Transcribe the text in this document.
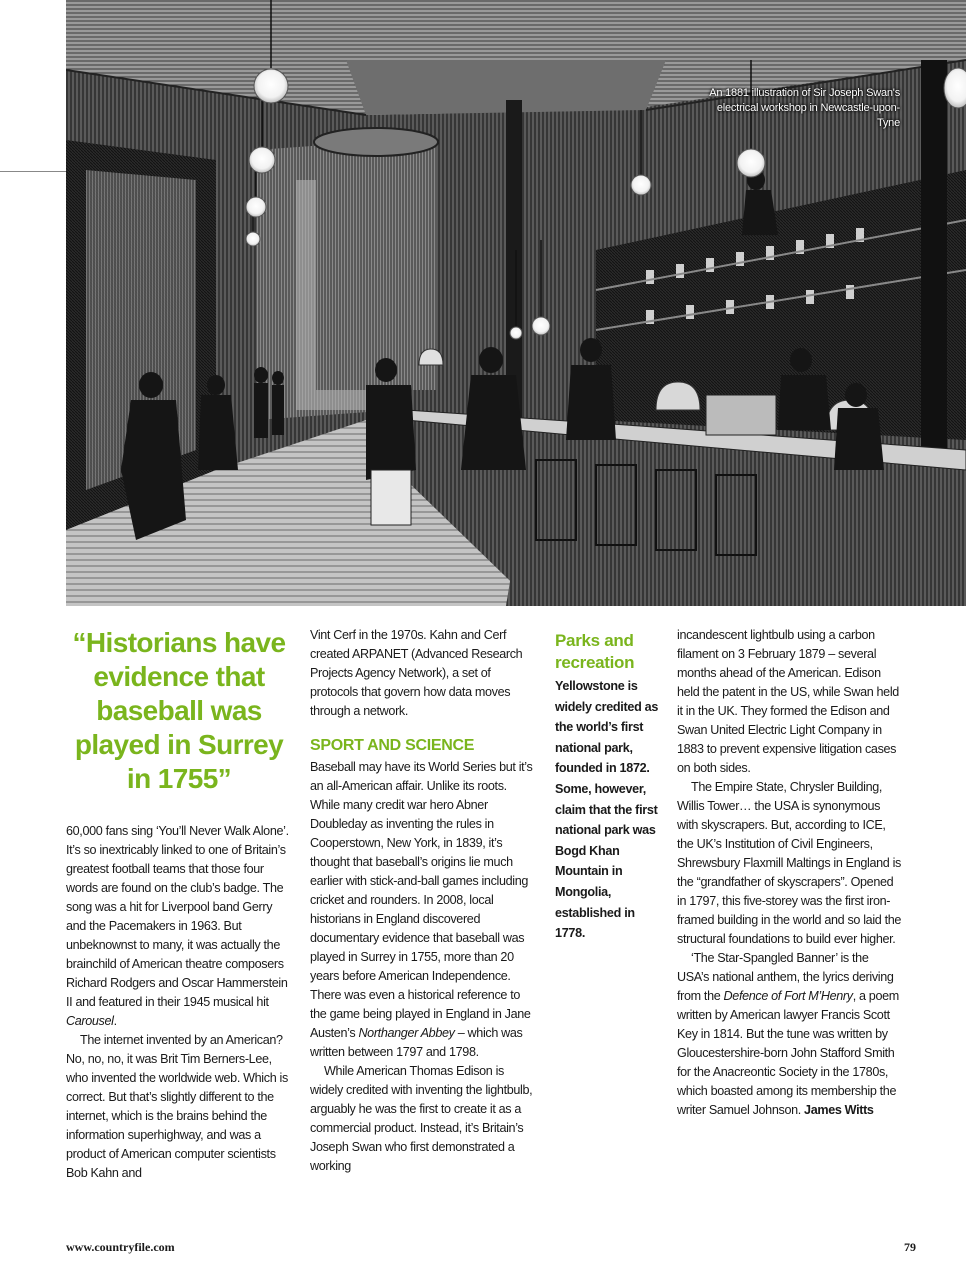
An 1881 illustration of Sir Joseph Swan's electrical workshop in Newcastle-upon-Tyne
“Historians have evidence that baseball was played in Surrey in 1755”

60,000 fans sing ‘You’ll Never Walk Alone’. It’s so inextricably linked to one of Britain’s greatest football teams that those four words are found on the club’s badge. The song was a hit for Liverpool band Gerry and the Pacemakers in 1963. But unbeknownst to many, it was actually the brainchild of American theatre composers Richard Rodgers and Oscar Hammerstein II and featured in their 1945 musical hit Carousel.

The internet invented by an American? No, no, no, it was Brit Tim Berners-Lee, who invented the worldwide web. Which is correct. But that’s slightly different to the internet, which is the brains behind the information superhighway, and was a product of American computer scientists Bob Kahn and

Vint Cerf in the 1970s. Kahn and Cerf created ARPANET (Advanced Research Projects Agency Network), a set of protocols that govern how data moves through a network.

SPORT AND SCIENCE

Baseball may have its World Series but it’s an all-American affair. Unlike its roots. While many credit war hero Abner Doubleday as inventing the rules in Cooperstown, New York, in 1839, it’s thought that baseball’s origins lie much earlier with stick-and-ball games including cricket and rounders. In 2008, local historians in England discovered documentary evidence that baseball was played in Surrey in 1755, more than 20 years before American Independence. There was even a historical reference to the game being played in England in Jane Austen’s Northanger Abbey – which was written between 1797 and 1798.

While American Thomas Edison is widely credited with inventing the lightbulb, arguably he was the first to create it as a commercial product. Instead, it’s Britain’s Joseph Swan who first demonstrated a working

Parks and recreation
Yellowstone is widely credited as the world’s first national park, founded in 1872. Some, however, claim that the first national park was Bogd Khan Mountain in Mongolia, established in 1778.

incandescent lightbulb using a carbon filament on 3 February 1879 – several months ahead of the American. Edison held the patent in the US, while Swan held it in the UK. They formed the Edison and Swan United Electric Light Company in 1883 to prevent expensive litigation cases on both sides.

The Empire State, Chrysler Building, Willis Tower… the USA is synonymous with skyscrapers. But, according to ICE, the UK’s Institution of Civil Engineers, Shrewsbury Flaxmill Maltings in England is the “grandfather of skyscrapers”. Opened in 1797, this five-storey was the first iron-framed building in the world and so laid the structural foundations to build ever higher.

‘The Star-Spangled Banner’ is the USA’s national anthem, the lyrics deriving from the Defence of Fort M’Henry, a poem written by American lawyer Francis Scott Key in 1814. But the tune was written by Gloucestershire-born John Stafford Smith for the Anacreontic Society in the 1780s, which boasted among its membership the writer Samuel Johnson. James Witts

www.countryfile.com	79
